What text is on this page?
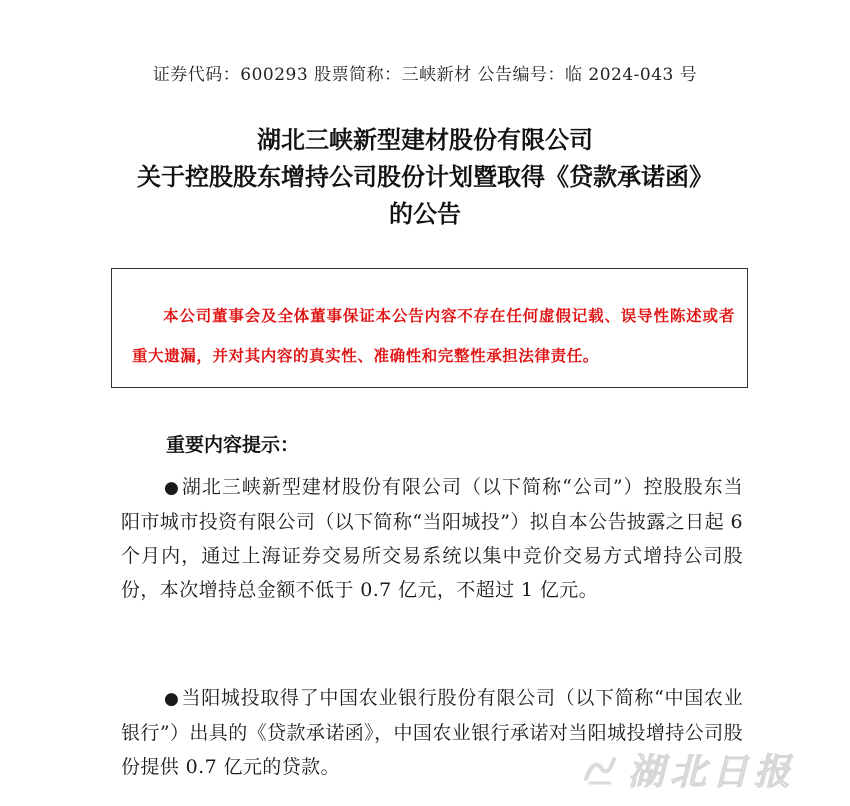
证券代码：600293 股票简称：三峡新材 公告编号：临 2024-043 号
湖北三峡新型建材股份有限公司
关于控股股东增持公司股份计划暨取得《贷款承诺函》
的公告

本公司董事会及全体董事保证本公告内容不存在任何虚假记载、误导性陈述或者重大遗漏，并对其内容的真实性、准确性和完整性承担法律责任。

重要内容提示：

● 湖北三峡新型建材股份有限公司（以下简称“公司”）控股股东当阳市城市投资有限公司（以下简称“当阳城投”）拟自本公告披露之日起 6 个月内，通过上海证券交易所交易系统以集中竞价交易方式增持公司股份，本次增持总金额不低于 0.7 亿元，不超过 1 亿元。

● 当阳城投取得了中国农业银行股份有限公司（以下简称“中国农业银行”）出具的《贷款承诺函》，中国农业银行承诺对当阳城投增持公司股份提供 0.7 亿元的贷款。	湖北日报
